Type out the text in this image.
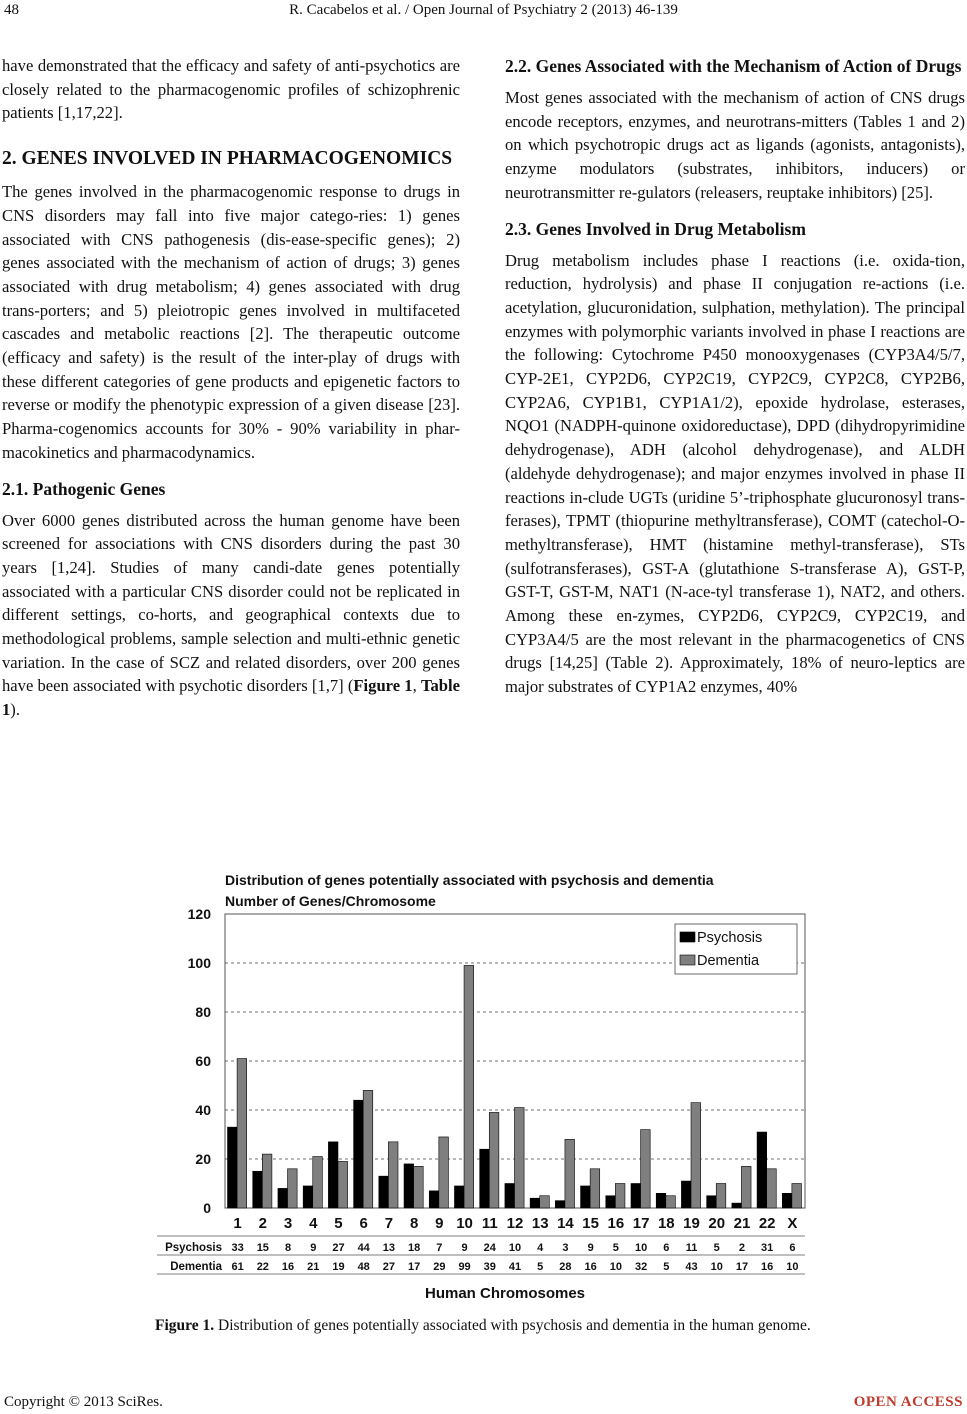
48	R. Cacabelos et al. / Open Journal of Psychiatry 2 (2013) 46-139

have demonstrated that the efficacy and safety of anti-psychotics are closely related to the pharmacogenomic profiles of schizophrenic patients [1,17,22].

2. GENES INVOLVED IN PHARMACOGENOMICS

The genes involved in the pharmacogenomic response to drugs in CNS disorders may fall into five major catego-ries: 1) genes associated with CNS pathogenesis (dis-ease-specific genes); 2) genes associated with the mechanism of action of drugs; 3) genes associated with drug metabolism; 4) genes associated with drug trans-porters; and 5) pleiotropic genes involved in multifaceted cascades and metabolic reactions [2]. The therapeutic outcome (efficacy and safety) is the result of the inter-play of drugs with these different categories of gene products and epigenetic factors to reverse or modify the phenotypic expression of a given disease [23]. Pharma-cogenomics accounts for 30% - 90% variability in phar-macokinetics and pharmacodynamics.

2.1. Pathogenic Genes

Over 6000 genes distributed across the human genome have been screened for associations with CNS disorders during the past 30 years [1,24]. Studies of many candi-date genes potentially associated with a particular CNS disorder could not be replicated in different settings, co-horts, and geographical contexts due to methodological problems, sample selection and multi-ethnic genetic variation. In the case of SCZ and related disorders, over 200 genes have been associated with psychotic disorders [1,7] (Figure 1, Table 1).

2.2. Genes Associated with the Mechanism of Action of Drugs

Most genes associated with the mechanism of action of CNS drugs encode receptors, enzymes, and neurotrans-mitters (Tables 1 and 2) on which psychotropic drugs act as ligands (agonists, antagonists), enzyme modulators (substrates, inhibitors, inducers) or neurotransmitter re-gulators (releasers, reuptake inhibitors) [25].

2.3. Genes Involved in Drug Metabolism

Drug metabolism includes phase I reactions (i.e. oxida-tion, reduction, hydrolysis) and phase II conjugation re-actions (i.e. acetylation, glucuronidation, sulphation, methylation). The principal enzymes with polymorphic variants involved in phase I reactions are the following: Cytochrome P450 monooxygenases (CYP3A4/5/7, CYP-2E1, CYP2D6, CYP2C19, CYP2C9, CYP2C8, CYP2B6, CYP2A6, CYP1B1, CYP1A1/2), epoxide hydrolase, esterases, NQO1 (NADPH-quinone oxidoreductase), DPD (dihydropyrimidine dehydrogenase), ADH (alcohol dehydrogenase), and ALDH (aldehyde dehydrogenase); and major enzymes involved in phase II reactions in-clude UGTs (uridine 5’-triphosphate glucuronosyl trans-ferases), TPMT (thiopurine methyltransferase), COMT (catechol-O-methyltransferase), HMT (histamine methyl-transferase), STs (sulfotransferases), GST-A (glutathione S-transferase A), GST-P, GST-T, GST-M, NAT1 (N-ace-tyl transferase 1), NAT2, and others. Among these en-zymes, CYP2D6, CYP2C9, CYP2C19, and CYP3A4/5 are the most relevant in the pharmacogenetics of CNS drugs [14,25] (Table 2). Approximately, 18% of neuro-leptics are major substrates of CYP1A2 enzymes, 40%

Distribution of genes potentially associated with psychosis and dementia
Number of Genes/Chromosome
0
20
40
60
80
100
120
1 2 3 4 5 6 7 8 9 10 11 12 13 14 15 16 17 18 19 20 21 22 X
Psychosis 33 15 8 9 27 44 13 18 7 9 24 10 4 3 9 5 10 6 11 5 2 31 6
Dementia 61 22 16 21 19 48 27 17 29 99 39 41 5 28 16 10 32 5 43 10 17 16 10
Human Chromosomes
Psychosis
Dementia
Figure 1. Distribution of genes potentially associated with psychosis and dementia in the human genome.
Copyright © 2013 SciRes.	OPEN ACCESS
